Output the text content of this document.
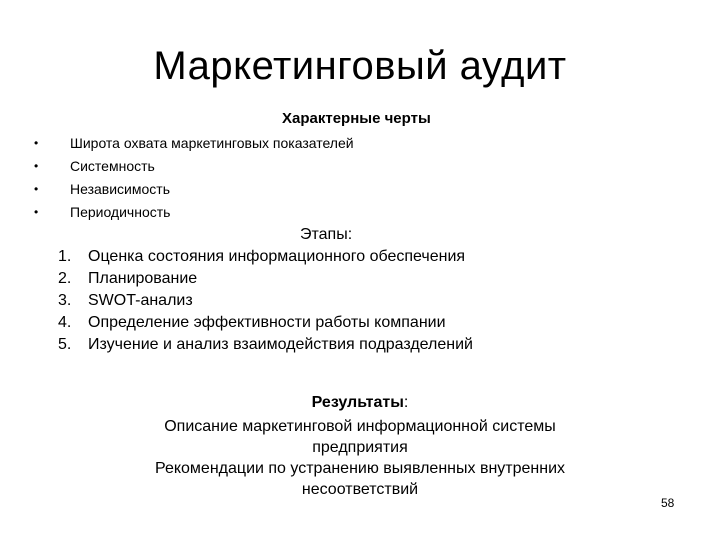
Маркетинговый аудит
Характерные черты
• Широта охвата маркетинговых показателей
• Системность
• Независимость
• Периодичность
Этапы:
1. Оценка состояния информационного обеспечения
2. Планирование
3. SWOT-анализ
4. Определение эффективности работы компании
5. Изучение и анализ взаимодействия подразделений
Результаты:
Описание маркетинговой информационной системы
предприятия
Рекомендации по устранению выявленных внутренних
несоответствий
58
